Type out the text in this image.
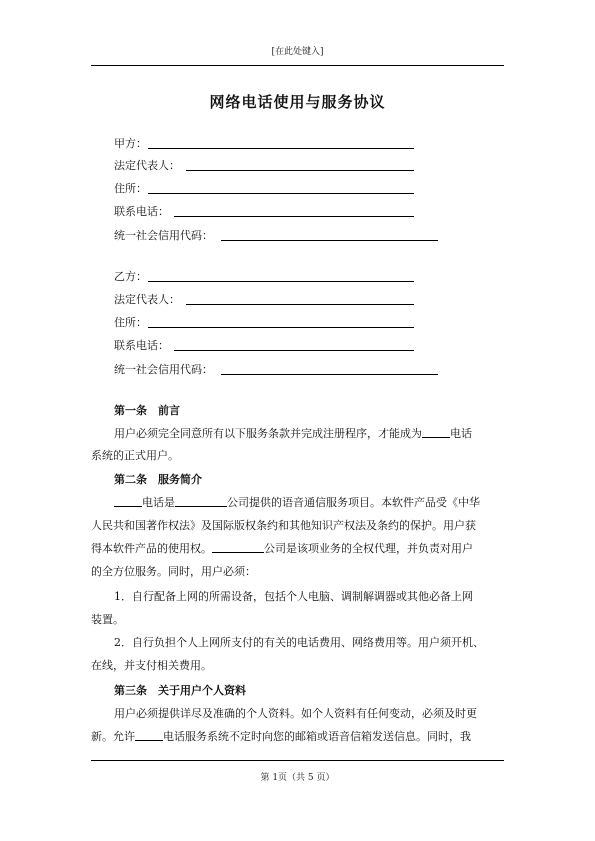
[在此处键入]
网络电话使用与服务协议
甲方：
法定代表人：
住所：
联系电话：
统一社会信用代码：
乙方：
法定代表人：
住所：
联系电话：
统一社会信用代码：
第一条　前言
用户必须完全同意所有以下服务条款并完成注册程序，才能成为	电话
系统的正式用户。
第二条　服务简介
电话是	公司提供的语音通信服务项目。本软件产品受《中华
人民共和国著作权法》及国际版权条约和其他知识产权法及条约的保护。用户获
得本软件产品的使用权。	公司是该项业务的全权代理，并负责对用户
的全方位服务。同时，用户必须：
1．自行配备上网的所需设备，包括个人电脑、调制解调器或其他必备上网
装置。
2．自行负担个人上网所支付的有关的电话费用、网络费用等。用户须开机、
在线，并支付相关费用。
第三条　关于用户个人资料
用户必须提供详尽及准确的个人资料。如个人资料有任何变动，必须及时更
新。允许	电话服务系统不定时向您的邮箱或语音信箱发送信息。同时，我
第 1页（共 5 页）
